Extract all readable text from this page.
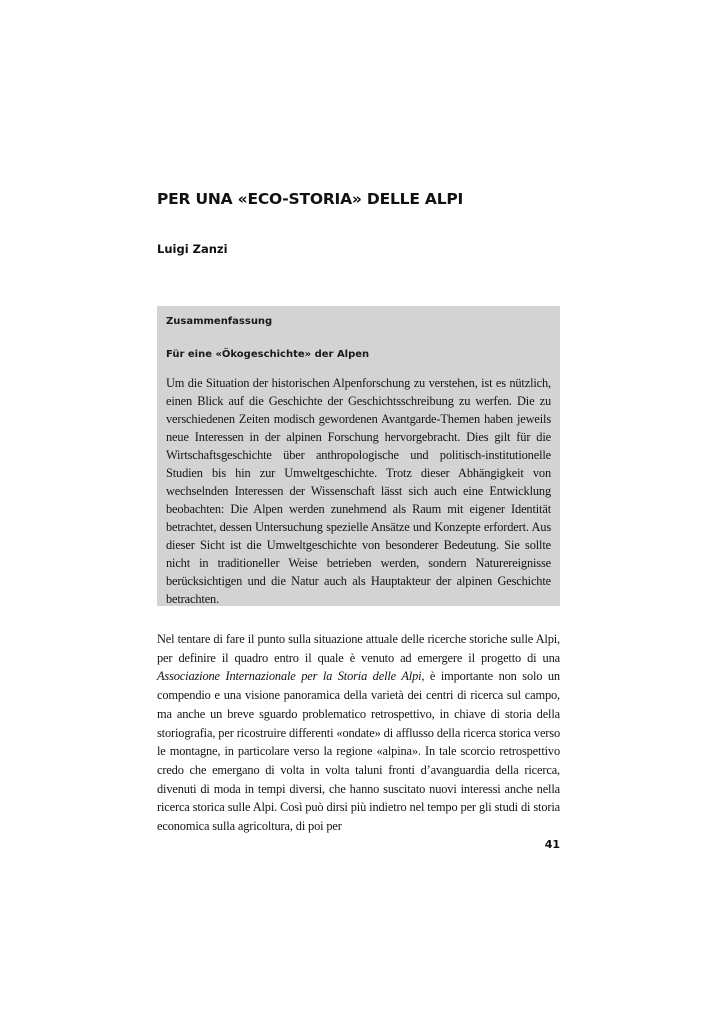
PER UNA «ECO-STORIA» DELLE ALPI

Luigi Zanzi

Zusammenfassung

Für eine «Ökogeschichte» der Alpen

Um die Situation der historischen Alpenforschung zu verstehen, ist es nützlich, einen Blick auf die Geschichte der Geschichtsschreibung zu werfen. Die zu verschiedenen Zeiten modisch gewordenen Avantgarde-Themen haben jeweils neue Interessen in der alpinen Forschung hervorgebracht. Dies gilt für die Wirtschaftsgeschichte über anthropologische und politisch-institutionelle Studien bis hin zur Umweltgeschichte. Trotz dieser Abhängigkeit von wechselnden Interessen der Wissenschaft lässt sich auch eine Entwicklung beobachten: Die Alpen werden zunehmend als Raum mit eigener Identität betrachtet, dessen Untersuchung spezielle Ansätze und Konzepte erfordert. Aus dieser Sicht ist die Umweltgeschichte von besonderer Bedeutung. Sie sollte nicht in traditioneller Weise betrieben werden, sondern Naturereignisse berücksichtigen und die Natur auch als Hauptakteur der alpinen Geschichte betrachten.

Nel tentare di fare il punto sulla situazione attuale delle ricerche storiche sulle Alpi, per definire il quadro entro il quale è venuto ad emergere il progetto di una Associazione Internazionale per la Storia delle Alpi, è importante non solo un compendio e una visione panoramica della varietà dei centri di ricerca sul campo, ma anche un breve sguardo problematico retrospettivo, in chiave di storia della storiografia, per ricostruire differenti «ondate» di afflusso della ricerca storica verso le montagne, in particolare verso la regione «alpina». In tale scorcio retrospettivo credo che emergano di volta in volta taluni fronti d’avanguardia della ricerca, divenuti di moda in tempi diversi, che hanno suscitato nuovi interessi anche nella ricerca storica sulle Alpi. Così può dirsi più indietro nel tempo per gli studi di storia economica sulla agricoltura, di poi per

41
